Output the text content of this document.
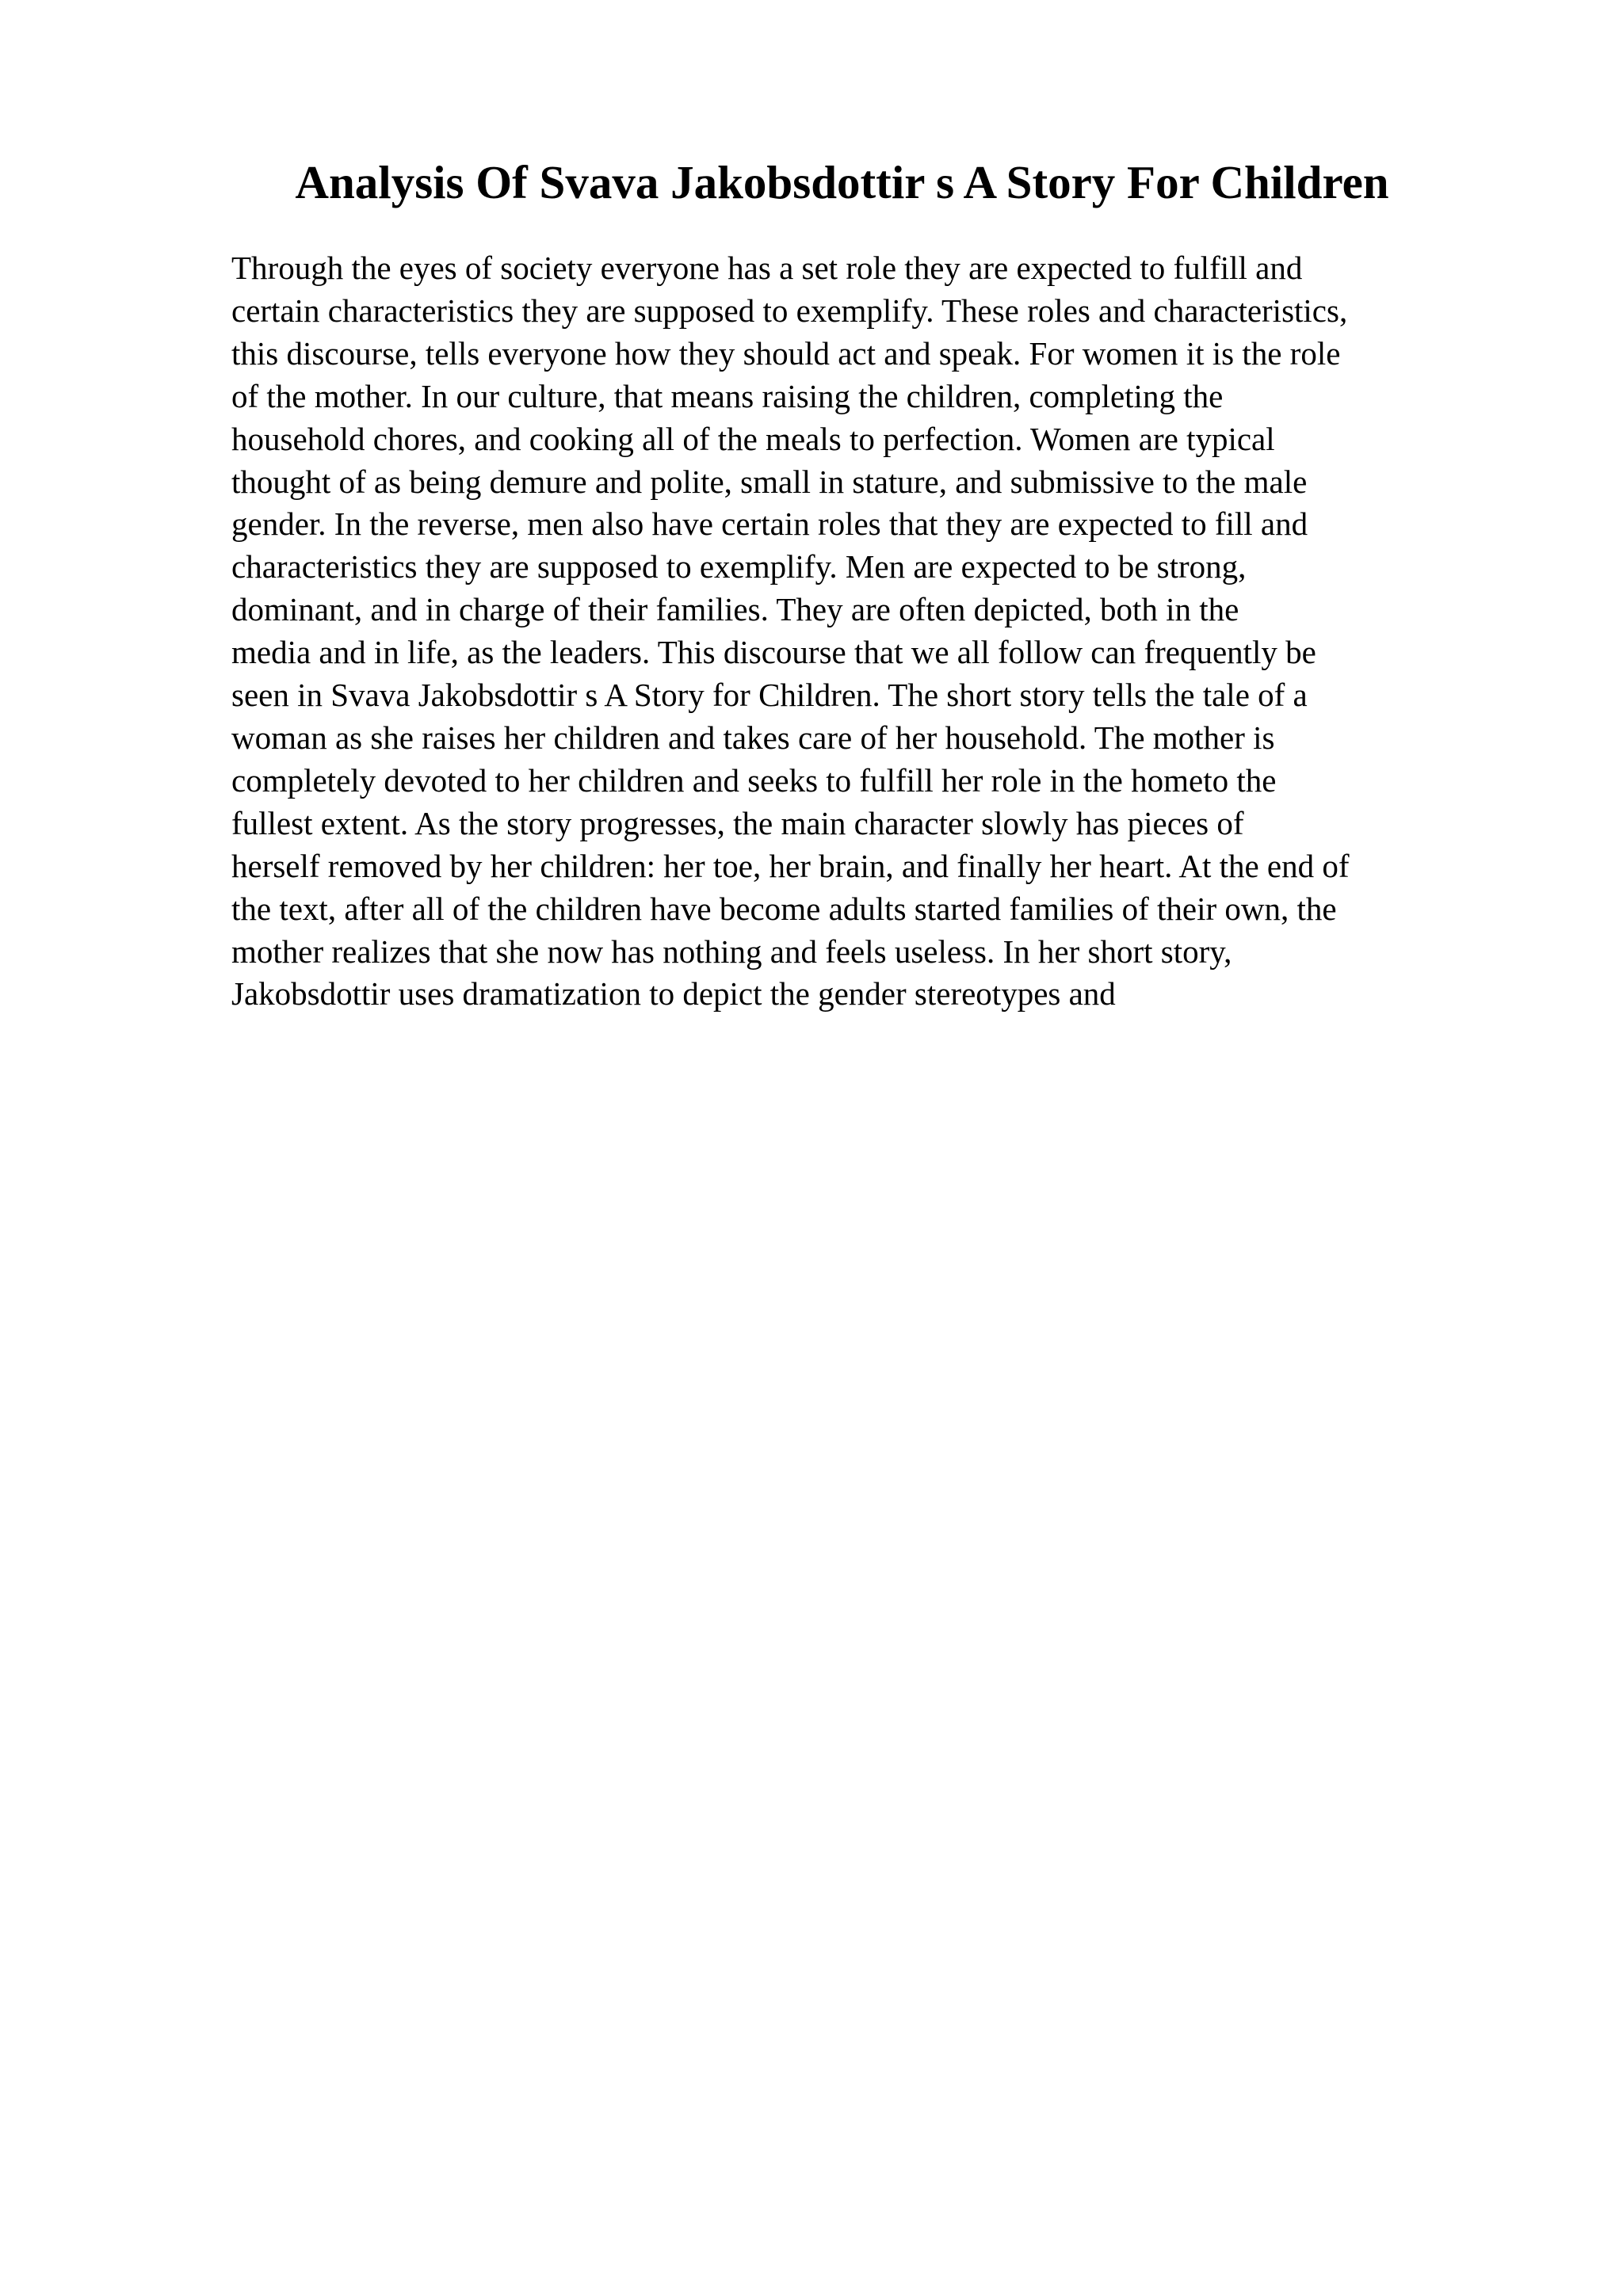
Analysis Of Svava Jakobsdottir s A Story For Children
Through the eyes of society everyone has a set role they are expected to fulfill and
certain characteristics they are supposed to exemplify. These roles and characteristics,
this discourse, tells everyone how they should act and speak. For women it is the role
of the mother. In our culture, that means raising the children, completing the
household chores, and cooking all of the meals to perfection. Women are typical
thought of as being demure and polite, small in stature, and submissive to the male
gender. In the reverse, men also have certain roles that they are expected to fill and
characteristics they are supposed to exemplify. Men are expected to be strong,
dominant, and in charge of their families. They are often depicted, both in the
media and in life, as the leaders. This discourse that we all follow can frequently be
seen in Svava Jakobsdottir s A Story for Children. The short story tells the tale of a
woman as she raises her children and takes care of her household. The mother is
completely devoted to her children and seeks to fulfill her role in the hometo the
fullest extent. As the story progresses, the main character slowly has pieces of
herself removed by her children: her toe, her brain, and finally her heart. At the end of
the text, after all of the children have become adults started families of their own, the
mother realizes that she now has nothing and feels useless. In her short story,
Jakobsdottir uses dramatization to depict the gender stereotypes and
